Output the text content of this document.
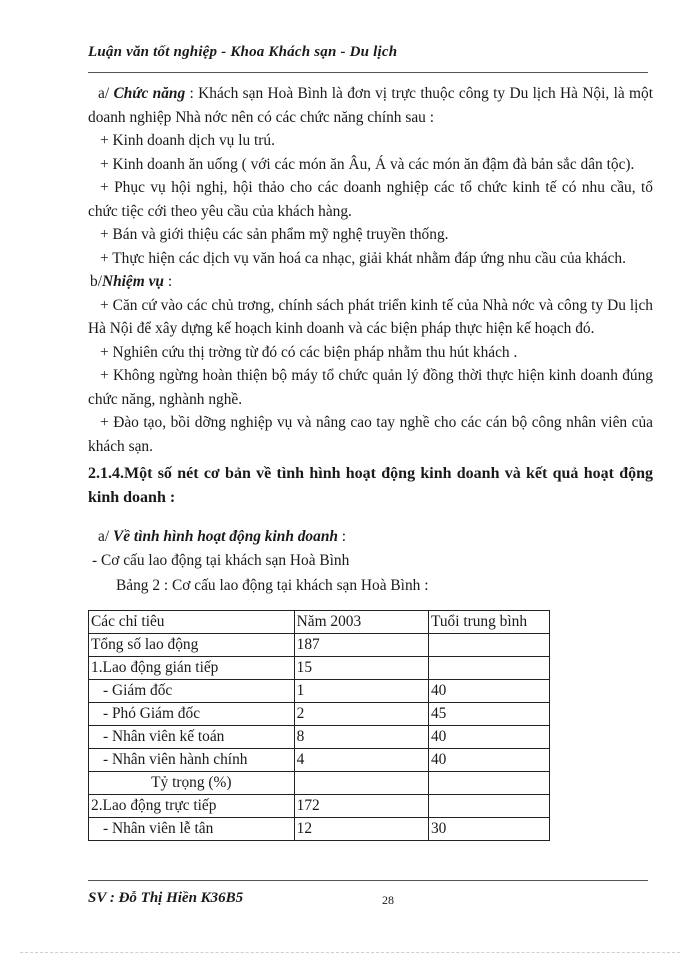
Luận văn tốt nghiệp - Khoa Khách sạn - Du lịch

a/ Chức năng : Khách sạn Hoà Bình là đơn vị trực thuộc công ty Du lịch Hà Nội, là một doanh nghiệp Nhà nớc nên có các chức năng chính sau :

+ Kinh doanh dịch vụ lu trú.

+ Kinh doanh ăn uống ( với các món ăn Âu, Á và các món ăn đậm đà bản sắc dân tộc).

+ Phục vụ hội nghị, hội thảo cho các doanh nghiệp các tổ chức kinh tế có nhu cầu, tổ chức tiệc cới theo yêu cầu của khách hàng.

+ Bán và giới thiệu các sản phẩm mỹ nghệ truyền thống.

+ Thực hiện các dịch vụ văn hoá ca nhạc, giải khát nhằm đáp ứng nhu cầu của khách.

b/Nhiệm vụ :

+ Căn cứ vào các chủ trơng, chính sách phát triển kinh tế của Nhà nớc và công ty Du lịch Hà Nội để xây dựng kế hoạch kinh doanh và các biện pháp thực hiện kế hoạch đó.

+ Nghiên cứu thị trờng từ đó có các biện pháp nhằm thu hút khách .

+ Không ngừng hoàn thiện bộ máy tổ chức quản lý đồng thời thực hiện kinh doanh đúng chức năng, nghành nghề.

+ Đào tạo, bồi dỡng nghiệp vụ và nâng cao tay nghề cho các cán bộ công nhân viên của khách sạn.

2.1.4.Một số nét cơ bản về tình hình hoạt động kinh doanh và kết quả hoạt động kinh doanh :

a/ Về tình hình hoạt động kinh doanh :

- Cơ cấu lao động tại khách sạn Hoà Bình

Bảng 2 : Cơ cấu lao động tại khách sạn Hoà Bình :

Các chỉ tiêu	Năm 2003	Tuổi trung bình
Tổng số lao động	187	
1.Lao động gián tiếp	15	
- Giám đốc	1	40
- Phó Giám đốc	2	45
- Nhân viên kế toán	8	40
- Nhân viên hành chính	4	40
Tỷ trọng (%)		
2.Lao động trực tiếp	172	
- Nhân viên lễ tân	12	30
SV : Đỗ Thị Hiền K36B5	28
